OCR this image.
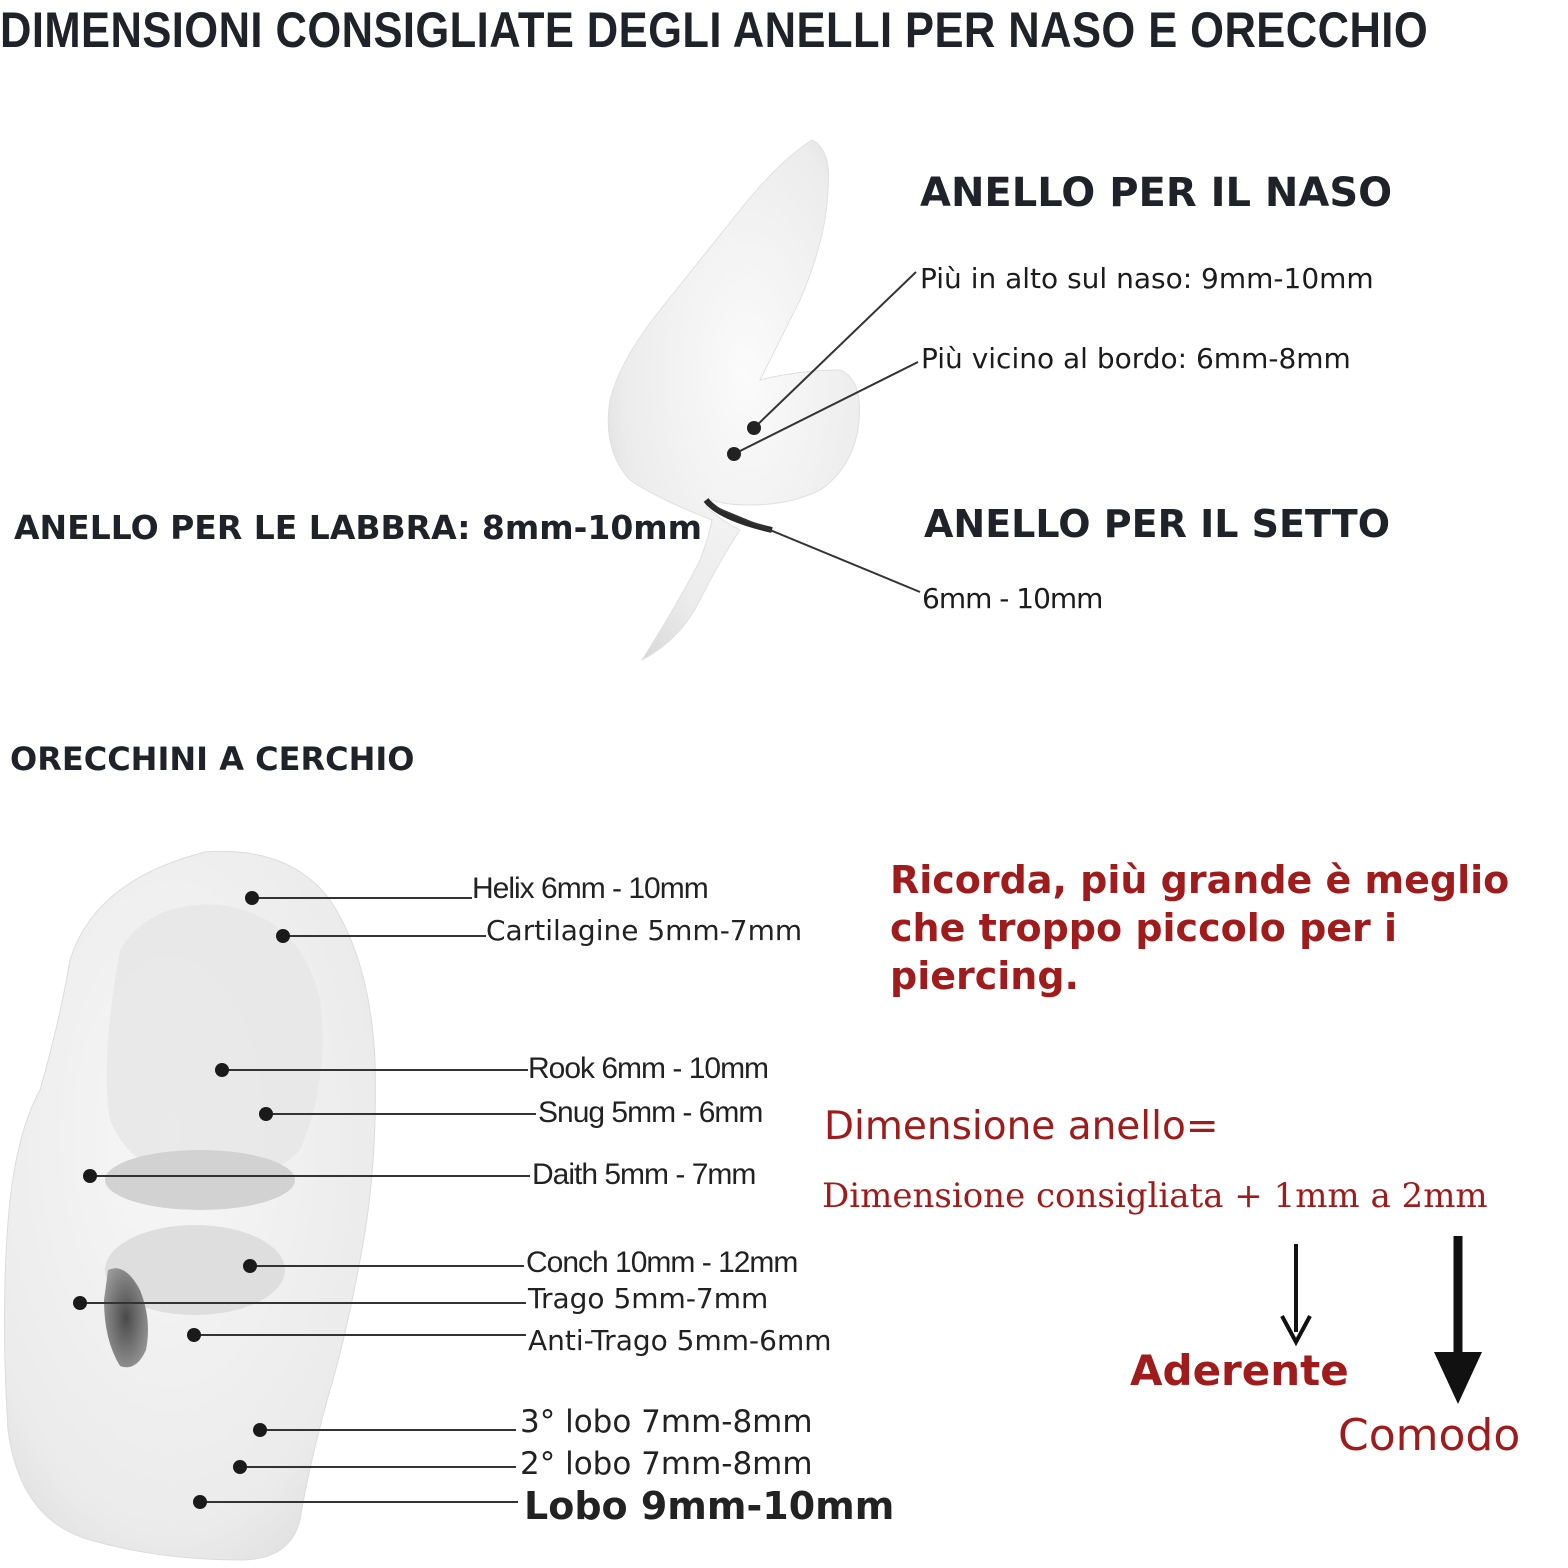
DIMENSIONI CONSIGLIATE DEGLI ANELLI PER NASO E ORECCHIO
ANELLO PER IL NASO
Più in alto sul naso: 9mm-10mm
Più vicino al bordo: 6mm-8mm
ANELLO PER LE LABBRA: 8mm-10mm	ANELLO PER IL SETTO
6mm - 10mm
ORECCHINI A CERCHIO
Helix 6mm - 10mm
Cartilagine 5mm-7mm
Rook 6mm - 10mm
Snug 5mm - 6mm
Daith 5mm - 7mm
Conch 10mm - 12mm
Trago 5mm-7mm
Anti-Trago 5mm-6mm
3° lobo 7mm-8mm
2° lobo 7mm-8mm
Lobo 9mm-10mm
Ricorda, più grande è meglio che troppo piccolo per i piercing.
Dimensione anello=
Dimensione consigliata + 1mm a 2mm
Aderente
Comodo
